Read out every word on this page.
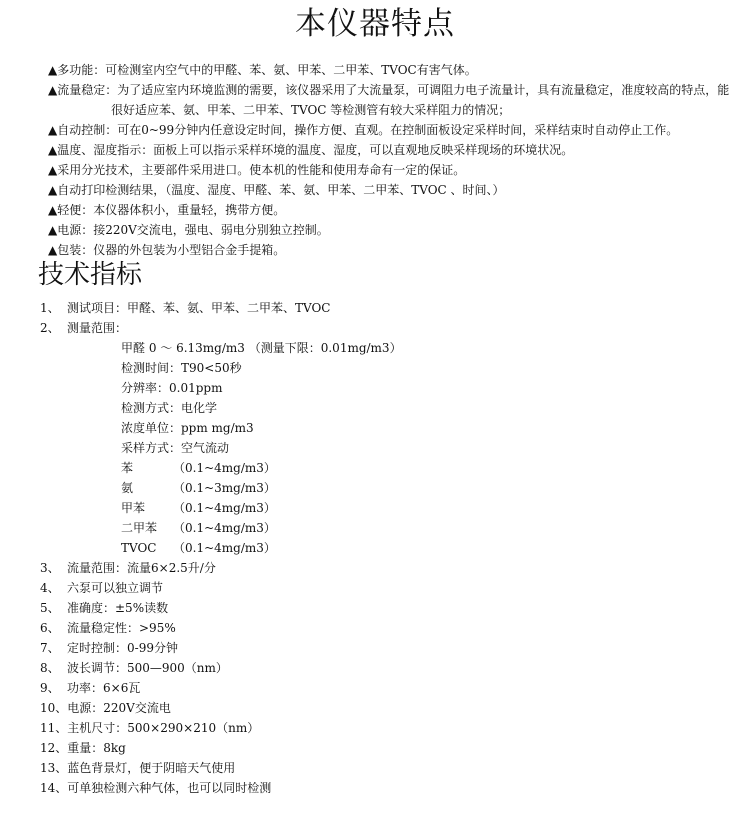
本仪器特点
▲多功能：可检测室内空气中的甲醛、苯、氨、甲苯、二甲苯、TVOC有害气体。
▲流量稳定：为了适应室内环境监测的需要，该仪器采用了大流量泵，可调阻力电子流量计，具有流量稳定，准度较高的特点，能很好适应苯、氨、甲苯、二甲苯、TVOC 等检测管有较大采样阻力的情况；
▲自动控制：可在0~99分钟内任意设定时间，操作方便、直观。在控制面板设定采样时间，采样结束时自动停止工作。
▲温度、湿度指示：面板上可以指示采样环境的温度、湿度，可以直观地反映采样现场的环境状况。
▲采用分光技术，主要部件采用进口。使本机的性能和使用寿命有一定的保证。
▲自动打印检测结果，（温度、湿度、甲醛、苯、氨、甲苯、二甲苯、TVOC 、时间、）
▲轻便：本仪器体积小，重量轻，携带方便。
▲电源：接220V交流电，强电、弱电分别独立控制。
▲包装：仪器的外包装为小型铝合金手提箱。
技术指标
1、 测试项目：甲醛、苯、氨、甲苯、二甲苯、TVOC
2、 测量范围：
甲醛 0 ～ 6.13mg/m3 （测量下限：0.01mg/m3）
检测时间：T90<50秒
分辨率：0.01ppm
检测方式：电化学
浓度单位：ppm mg/m3
采样方式：空气流动
苯	（0.1~4mg/m3）
氨	（0.1~3mg/m3）
甲苯 （0.1~4mg/m3）
二甲苯 （0.1~4mg/m3）
TVOC （0.1~4mg/m3）
3、 流量范围：流量6×2.5升/分
4、 六泵可以独立调节
5、 准确度：±5%读数
6、 流量稳定性：>95%
7、 定时控制：0-99分钟
8、 波长调节：500—900（nm）
9、 功率：6×6瓦
10、电源：220V交流电
11、主机尺寸：500×290×210（nm）
12、重量：8kg
13、蓝色背景灯，便于阴暗天气使用
14、可单独检测六种气体，也可以同时检测
